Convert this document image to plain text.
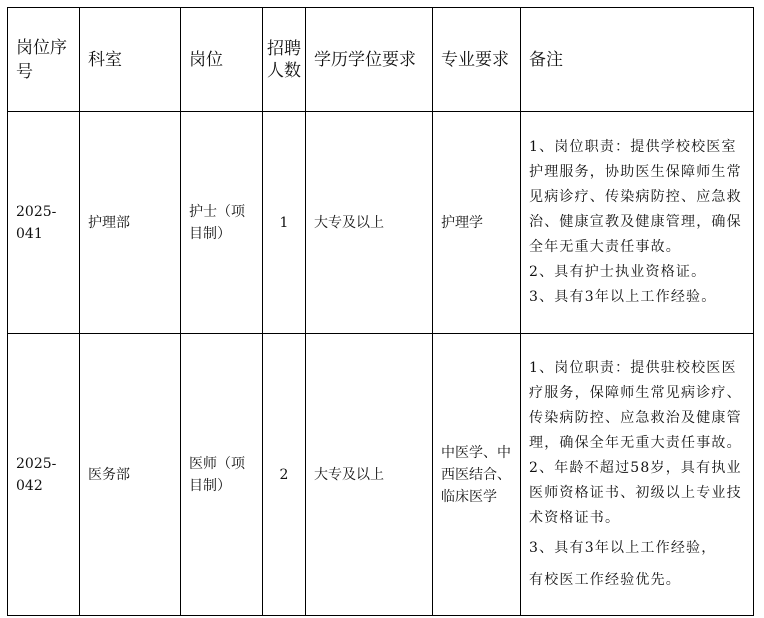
岗位序号	科室	岗位	招聘人数	学历学位要求	专业要求	备注
2025-041	护理部	护士（项目制）	1	大专及以上	护理学	1、岗位职责：提供学校校医室护理服务，协助医生保障师生常见病诊疗、传染病防控、应急救治、健康宣教及健康管理，确保全年无重大责任事故。

2、具有护士执业资格证。

3、具有3年以上工作经验。

2025-042	医务部	医师（项目制）	2	大专及以上	中医学、中西医结合、临床医学	1、岗位职责：提供驻校校医医疗服务，保障师生常见病诊疗、传染病防控、应急救治及健康管理，确保全年无重大责任事故。

2、年龄不超过58岁，具有执业医师资格证书、初级以上专业技术资格证书。

3、具有3年以上工作经验，

有校医工作经验优先。
